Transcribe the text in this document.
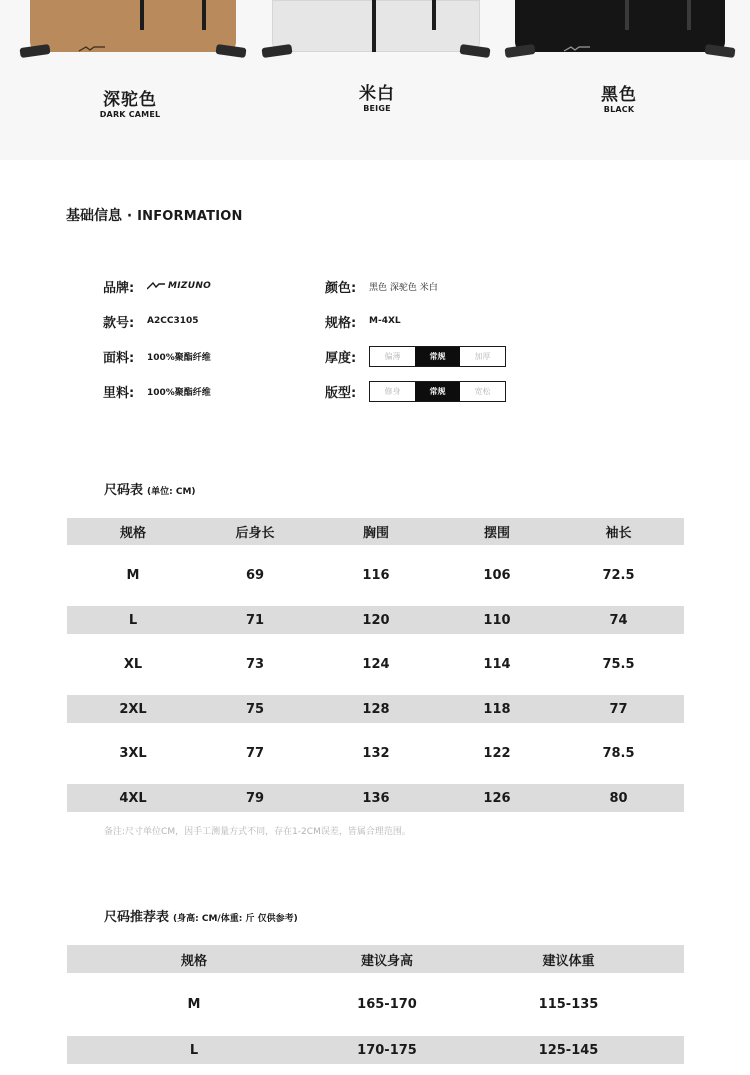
深驼色
DARK CAMEL
米白
BEIGE
黑色
BLACK
基础信息 · INFORMATION
品牌:	MIZUNO
款号:	A2CC3105
面料:	100%聚酯纤维
里料:	100%聚酯纤维
颜色:	黑色 深驼色 米白
规格:	M-4XL
厚度:	偏薄	常规	加厚
版型:	修身	常规	宽松
尺码表 (单位: CM)
规格	后身长	胸围	摆围	袖长
M	69	116	106	72.5
L	71	120	110	74
XL	73	124	114	75.5
2XL	75	128	118	77
3XL	77	132	122	78.5
4XL	79	136	126	80
备注:尺寸单位CM，因手工测量方式不同，存在1-2CM误差，皆属合理范围。
尺码推荐表 (身高: CM/体重: 斤 仅供参考)
规格	建议身高	建议体重
M	165-170	115-135
L	170-175	125-145
